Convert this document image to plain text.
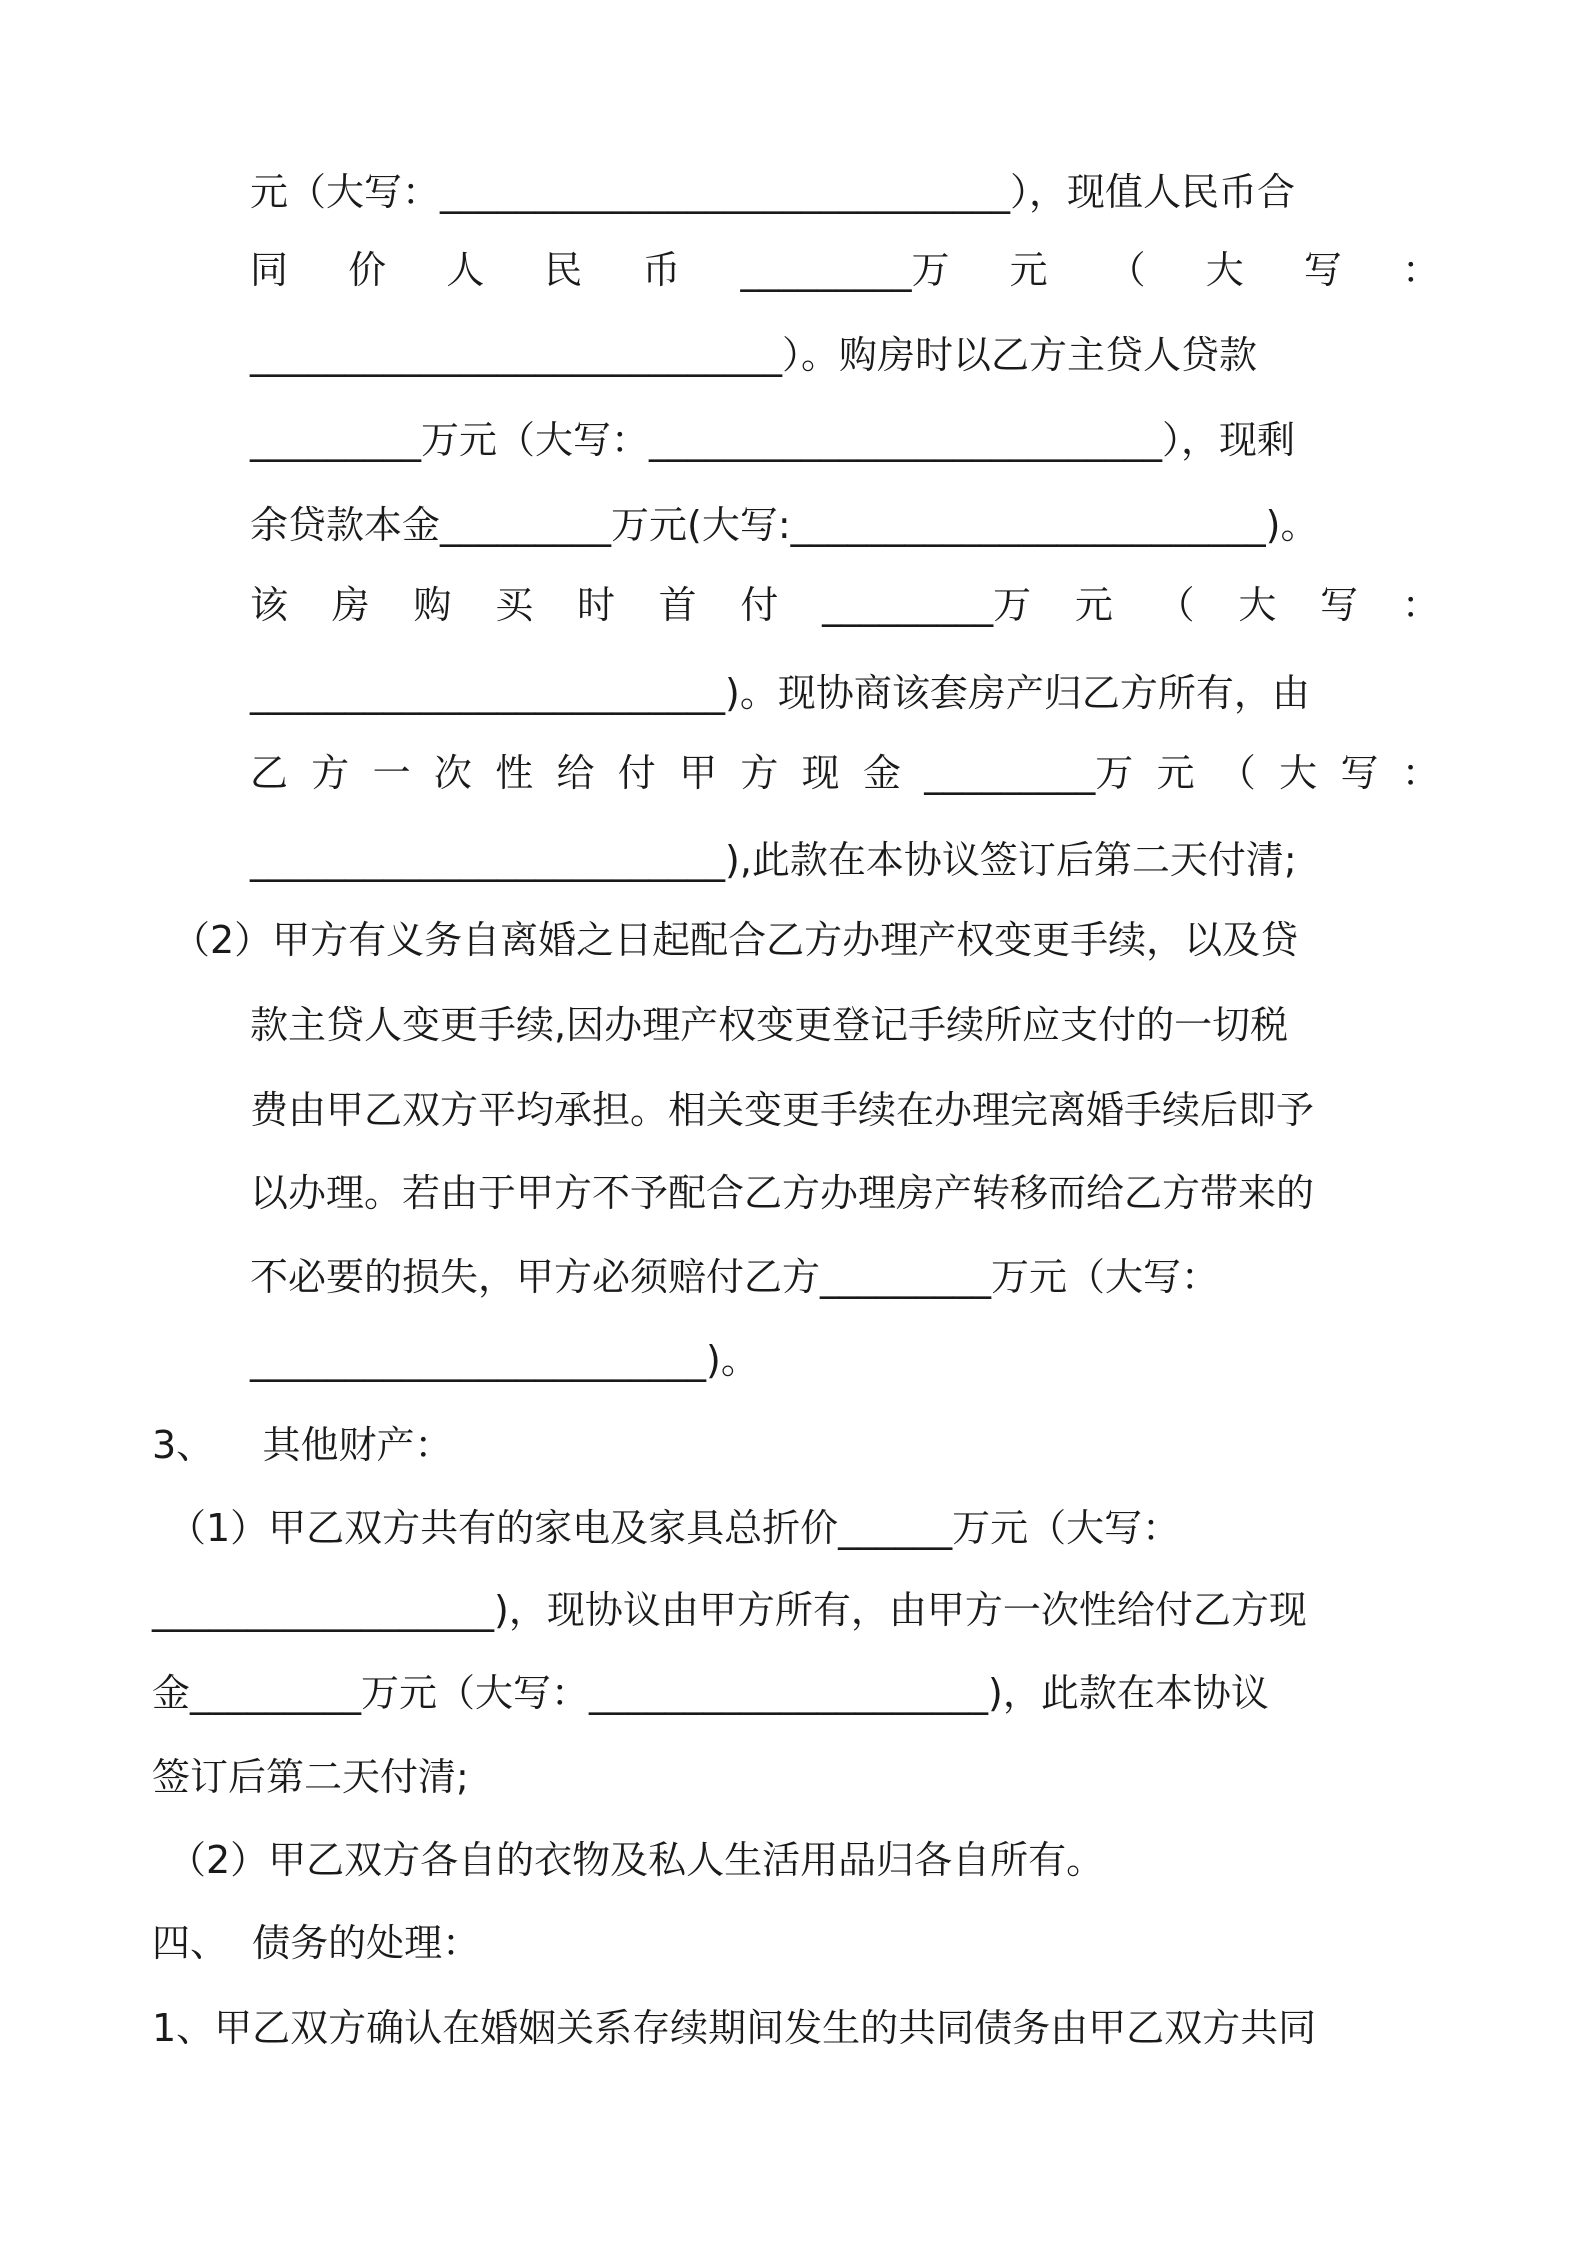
元（大写：______________________________），现值人民币合
同 价 人 民 币 _________万 元 （ 大 写 ：
____________________________）。购房时以乙方主贷人贷款
_________万元（大写：___________________________），现剩
余贷款本金_________万元(大写:_________________________)。
该 房 购 买 时 首 付 _________万 元 （ 大 写 ：
_________________________)。现协商该套房产归乙方所有，由
乙 方 一 次 性 给 付 甲 方 现 金 _________万 元 （ 大 写 ：
_________________________),此款在本协议签订后第二天付清;
（2）甲方有义务自离婚之日起配合乙方办理产权变更手续，以及贷
款主贷人变更手续,因办理产权变更登记手续所应支付的一切税
费由甲乙双方平均承担。相关变更手续在办理完离婚手续后即予
以办理。若由于甲方不予配合乙方办理房产转移而给乙方带来的
不必要的损失，甲方必须赔付乙方_________万元（大写：
________________________)。
3、    其他财产：
（1）甲乙双方共有的家电及家具总折价______万元（大写：
__________________)，现协议由甲方所有，由甲方一次性给付乙方现
金_________万元（大写：_____________________)，此款在本协议
签订后第二天付清;
（2）甲乙双方各自的衣物及私人生活用品归各自所有。
四、  债务的处理：
1、甲乙双方确认在婚姻关系存续期间发生的共同债务由甲乙双方共同
